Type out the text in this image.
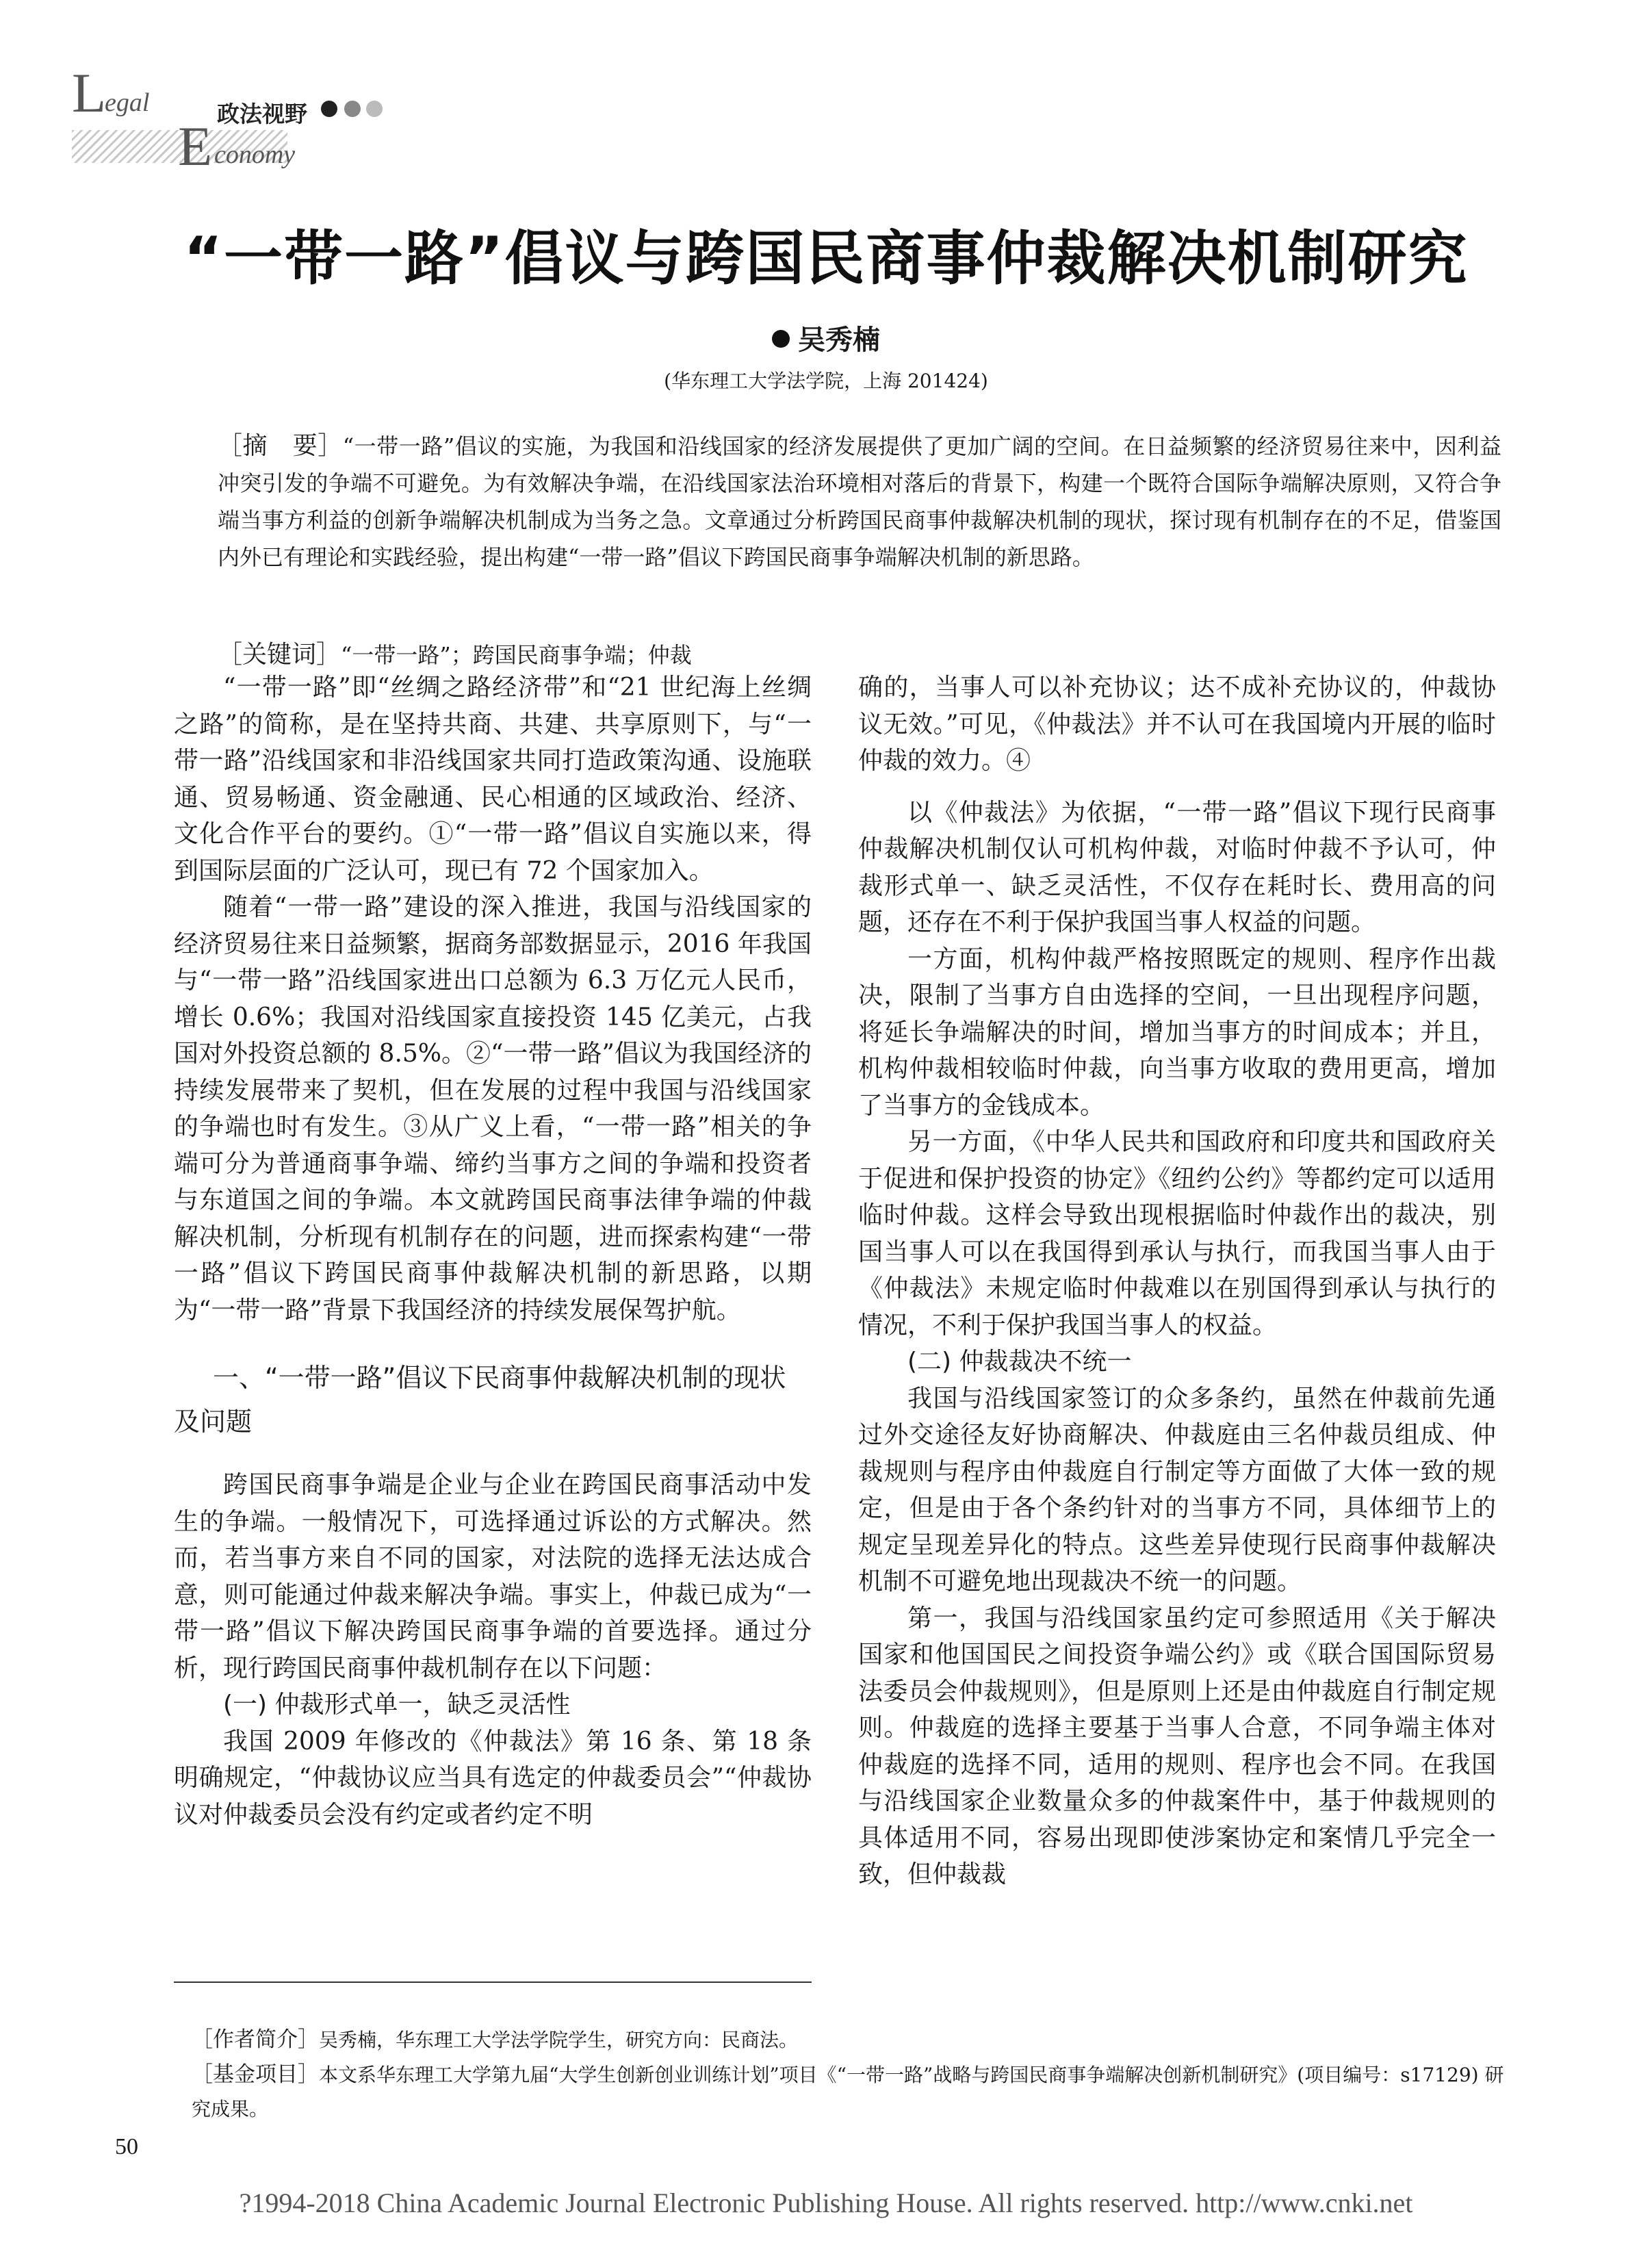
L
egal	政法视野
E conomy
“一带一路”倡议与跨国民商事仲裁解决机制研究
吴秀楠
(华东理工大学法学院，上海 201424)
［摘　要］“一带一路”倡议的实施，为我国和沿线国家的经济发展提供了更加广阔的空间。在日益频繁的经济贸易往来中，因利益冲突引发的争端不可避免。为有效解决争端，在沿线国家法治环境相对落后的背景下，构建一个既符合国际争端解决原则，又符合争端当事方利益的创新争端解决机制成为当务之急。文章通过分析跨国民商事仲裁解决机制的现状，探讨现有机制存在的不足，借鉴国内外已有理论和实践经验，提出构建“一带一路”倡议下跨国民商事争端解决机制的新思路。
［关键词］“一带一路”；跨国民商事争端；仲裁

“一带一路”即“丝绸之路经济带”和“21 世纪海上丝绸之路”的简称，是在坚持共商、共建、共享原则下，与“一带一路”沿线国家和非沿线国家共同打造政策沟通、设施联通、贸易畅通、资金融通、民心相通的区域政治、经济、文化合作平台的要约。①“一带一路”倡议自实施以来，得到国际层面的广泛认可，现已有 72 个国家加入。

随着“一带一路”建设的深入推进，我国与沿线国家的经济贸易往来日益频繁，据商务部数据显示，2016 年我国与“一带一路”沿线国家进出口总额为 6.3 万亿元人民币，增长 0.6%；我国对沿线国家直接投资 145 亿美元，占我国对外投资总额的 8.5%。②“一带一路”倡议为我国经济的持续发展带来了契机，但在发展的过程中我国与沿线国家的争端也时有发生。③从广义上看，“一带一路”相关的争端可分为普通商事争端、缔约当事方之间的争端和投资者与东道国之间的争端。本文就跨国民商事法律争端的仲裁解决机制，分析现有机制存在的问题，进而探索构建“一带一路”倡议下跨国民商事仲裁解决机制的新思路，以期为“一带一路”背景下我国经济的持续发展保驾护航。

一、“一带一路”倡议下民商事仲裁解决机制的现状及问题

跨国民商事争端是企业与企业在跨国民商事活动中发生的争端。一般情况下，可选择通过诉讼的方式解决。然而，若当事方来自不同的国家，对法院的选择无法达成合意，则可能通过仲裁来解决争端。事实上，仲裁已成为“一带一路”倡议下解决跨国民商事争端的首要选择。通过分析，现行跨国民商事仲裁机制存在以下问题：

(一) 仲裁形式单一，缺乏灵活性

我国 2009 年修改的《仲裁法》第 16 条、第 18 条明确规定，“仲裁协议应当具有选定的仲裁委员会”“仲裁协议对仲裁委员会没有约定或者约定不明

确的，当事人可以补充协议；达不成补充协议的，仲裁协议无效。”可见，《仲裁法》并不认可在我国境内开展的临时仲裁的效力。④

以《仲裁法》为依据，“一带一路”倡议下现行民商事仲裁解决机制仅认可机构仲裁，对临时仲裁不予认可，仲裁形式单一、缺乏灵活性，不仅存在耗时长、费用高的问题，还存在不利于保护我国当事人权益的问题。

一方面，机构仲裁严格按照既定的规则、程序作出裁决，限制了当事方自由选择的空间，一旦出现程序问题，将延长争端解决的时间，增加当事方的时间成本；并且，机构仲裁相较临时仲裁，向当事方收取的费用更高，增加了当事方的金钱成本。

另一方面，《中华人民共和国政府和印度共和国政府关于促进和保护投资的协定》《纽约公约》等都约定可以适用临时仲裁。这样会导致出现根据临时仲裁作出的裁决，别国当事人可以在我国得到承认与执行，而我国当事人由于《仲裁法》未规定临时仲裁难以在别国得到承认与执行的情况，不利于保护我国当事人的权益。

(二) 仲裁裁决不统一

我国与沿线国家签订的众多条约，虽然在仲裁前先通过外交途径友好协商解决、仲裁庭由三名仲裁员组成、仲裁规则与程序由仲裁庭自行制定等方面做了大体一致的规定，但是由于各个条约针对的当事方不同，具体细节上的规定呈现差异化的特点。这些差异使现行民商事仲裁解决机制不可避免地出现裁决不统一的问题。

第一，我国与沿线国家虽约定可参照适用《关于解决国家和他国国民之间投资争端公约》或《联合国国际贸易法委员会仲裁规则》，但是原则上还是由仲裁庭自行制定规则。仲裁庭的选择主要基于当事人合意，不同争端主体对仲裁庭的选择不同，适用的规则、程序也会不同。在我国与沿线国家企业数量众多的仲裁案件中，基于仲裁规则的具体适用不同，容易出现即使涉案协定和案情几乎完全一致，但仲裁裁

［作者简介］吴秀楠，华东理工大学法学院学生，研究方向：民商法。

［基金项目］本文系华东理工大学第九届“大学生创新创业训练计划”项目《“一带一路”战略与跨国民商事争端解决创新机制研究》(项目编号：s17129) 研究成果。

50
?1994-2018 China Academic Journal Electronic Publishing House. All rights reserved. http://www.cnki.net
